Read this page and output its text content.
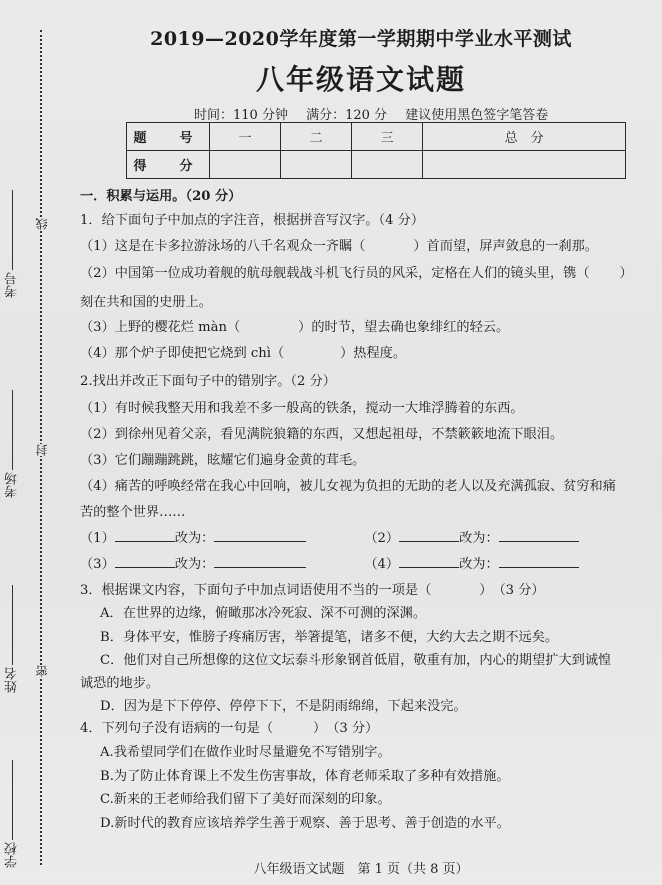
考号
考场
姓名
学校
线
封
密
2019—2020学年度第一学期期中学业水平测试
八年级语文试题
时间：110 分钟 满分：120 分 建议使用黑色签字笔答卷
题　号	一	二	三	总　分
得　分				
一．积累与运用。（20 分）
1．给下面句子中加点的字注音，根据拼音写汉字。（4 分）
（1）这是在卡多拉游泳场的八千名观众一齐瞩（	）首而望，屏声敛息的一刹那。
（2）中国第一位成功着舰的航母舰载战斗机飞行员的风采，定格在人们的镜头里，镌（ ）
刻在共和国的史册上。
（3）上野的樱花烂 màn（	）的时节，望去确也象绯红的轻云。
（4）那个炉子即使把它烧到 chì（	）热程度。
2.找出并改正下面句子中的错别字。（2 分）
（1）有时候我整天用和我差不多一般高的铁条，搅动一大堆浮腾着的东西。
（2）到徐州见着父亲，看见满院狼籍的东西，又想起祖母，不禁簌簌地流下眼泪。
（3）它们蹦蹦跳跳，眩耀它们遍身金黄的茸毛。
（4）痛苦的呼唤经常在我心中回响，被儿女视为负担的无助的老人以及充满孤寂、贫穷和痛
苦的整个世界……
（1）	改为：	（2）	改为：
（3）	改为：	（4）	改为：
3．根据课文内容，下面句子中加点词语使用不当的一项是（	）　（3 分）
A．在世界的边缘，俯瞰那冰冷死寂、深不可测的深渊。
B．身体平安，惟膀子疼痛厉害，举箸提笔，诸多不便，大约大去之期不远矣。
C．他们对自己所想像的这位文坛泰斗形象钢首低眉，敬重有加，内心的期望扩大到诚惶
诚恐的地步。
D．因为是下下停停、停停下下，不是阴雨绵绵，下起来没完。
4．下列句子没有语病的一句是（	）　（3 分）
A.我希望同学们在做作业时尽量避免不写错别字。
B.为了防止体育课上不发生伤害事故，体育老师采取了多种有效措施。
C.新来的王老师给我们留下了美好而深刻的印象。
D.新时代的教育应该培养学生善于观察、善于思考、善于创造的水平。
八年级语文试题　第 1 页（共 8 页）
